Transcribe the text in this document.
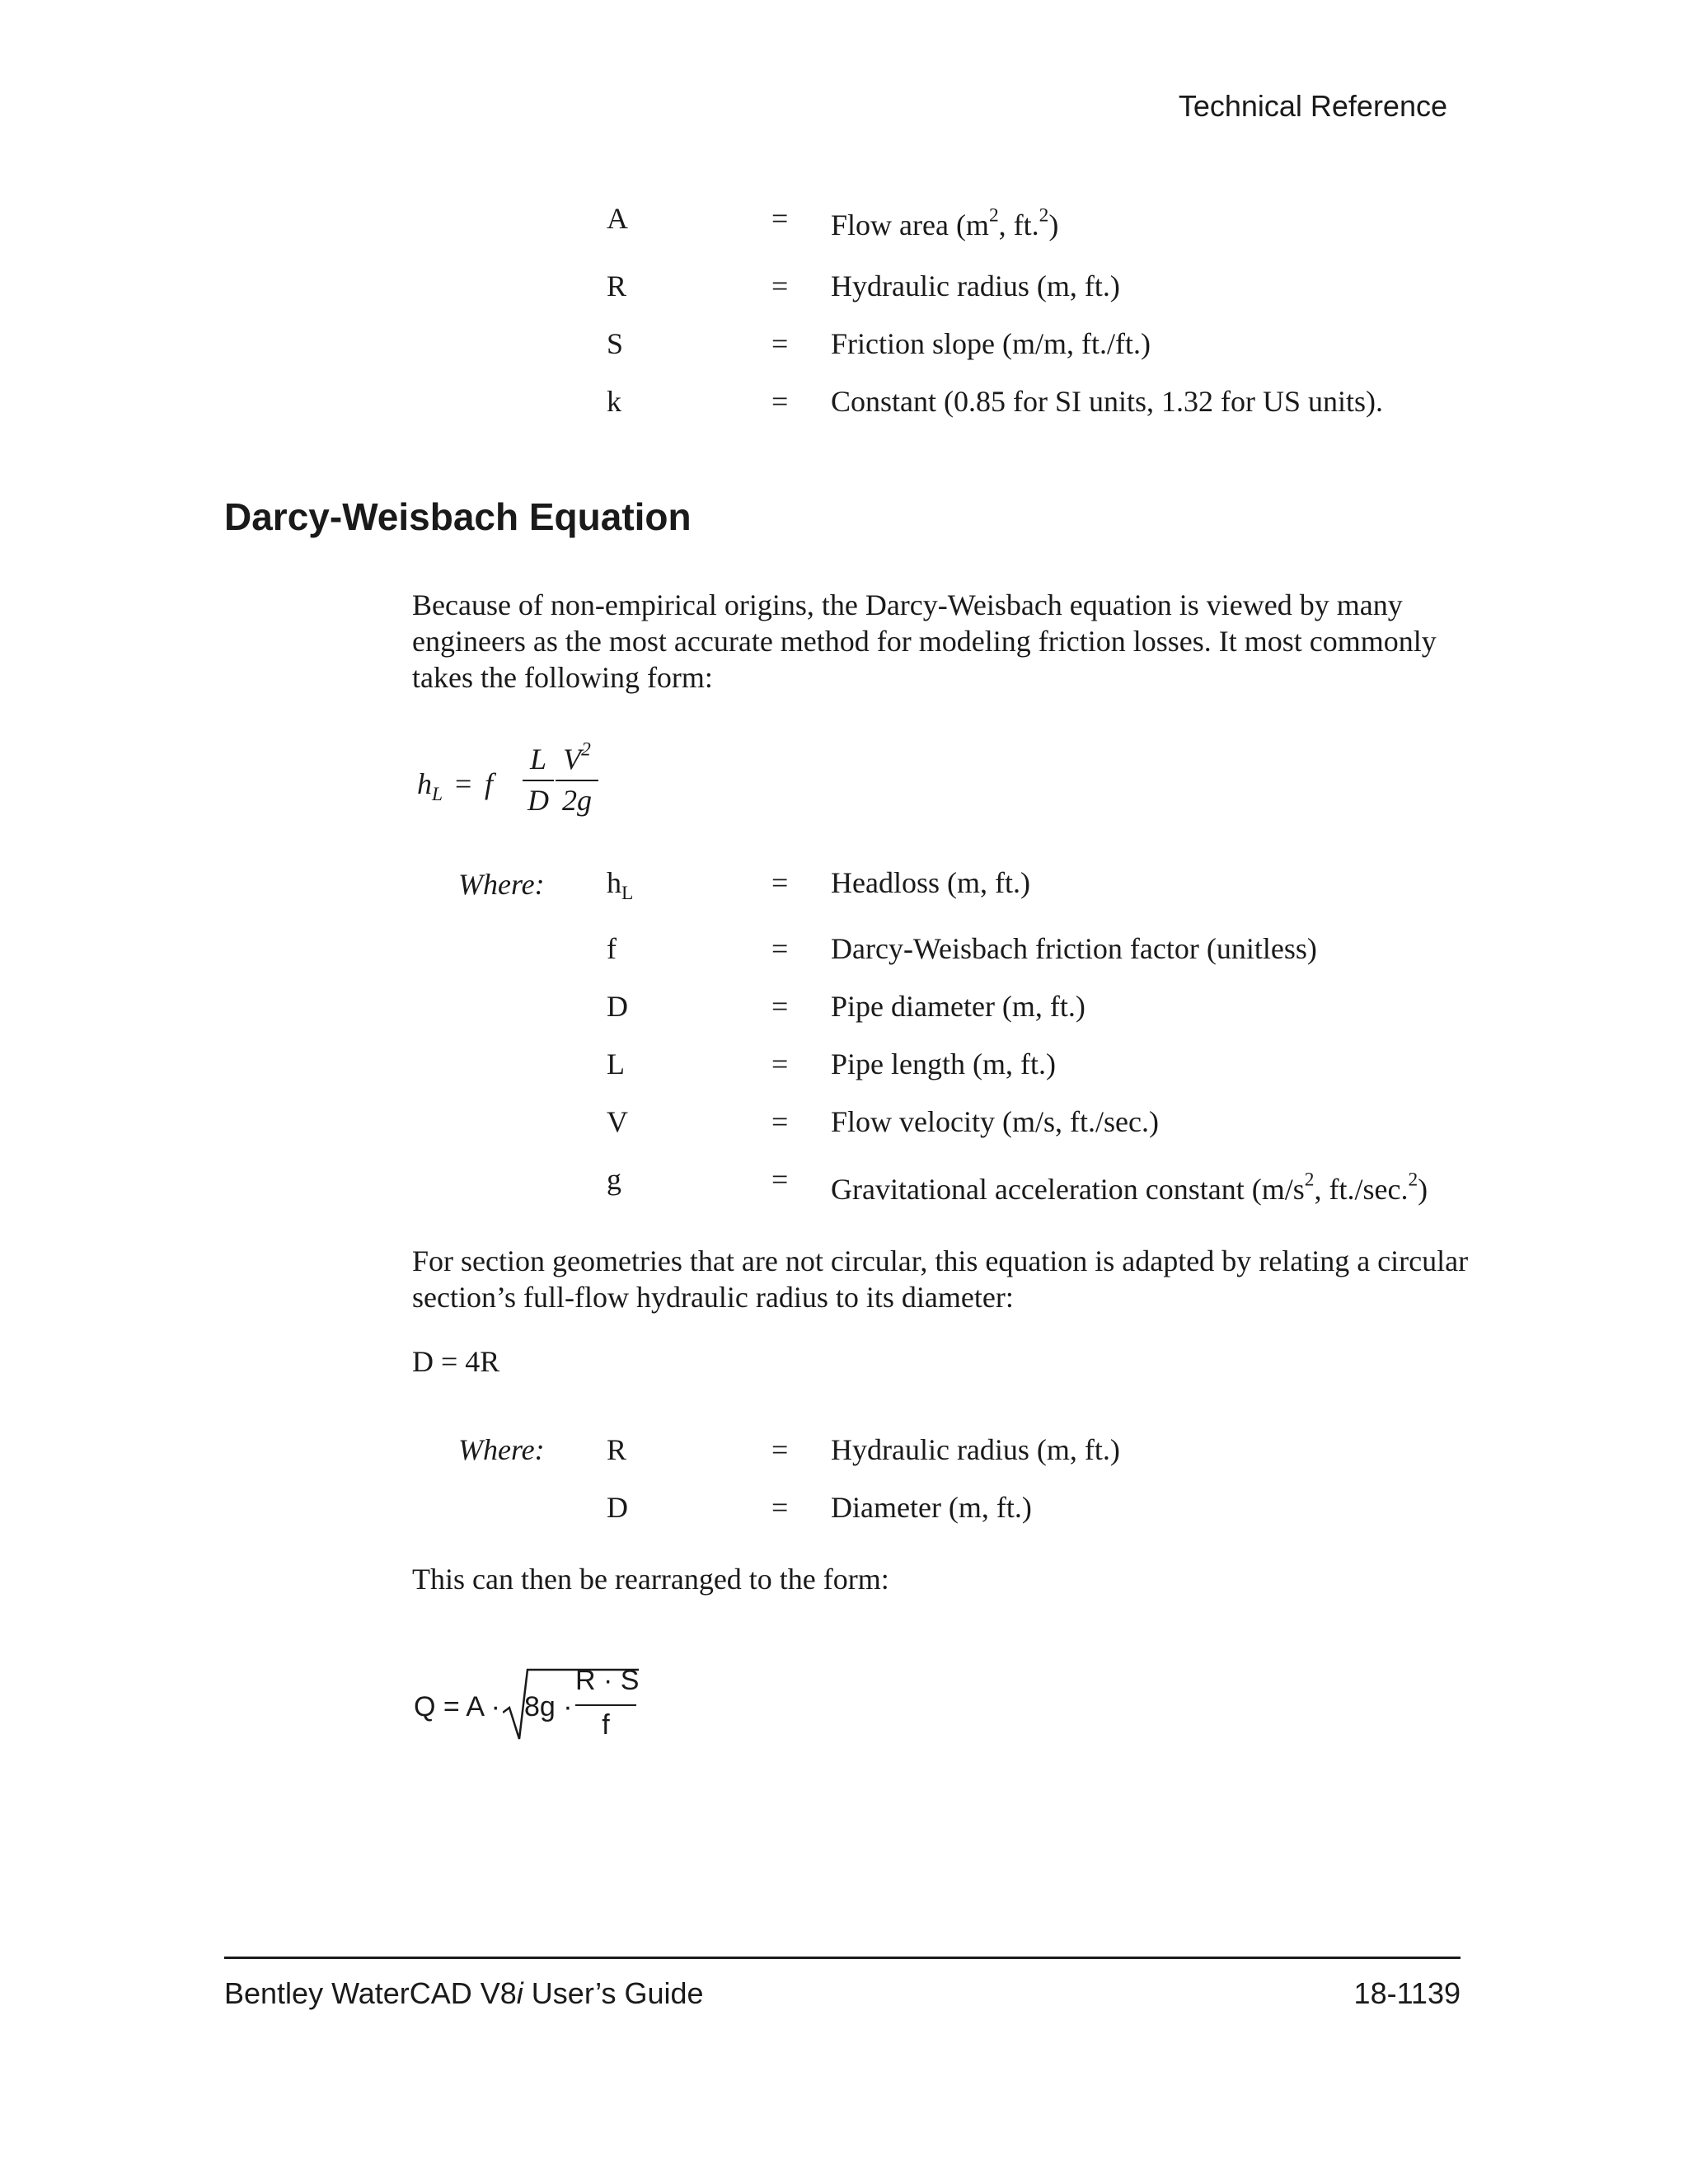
Technical Reference
A	= Flow area ($m^2$, ft.$^2$)
R	= Hydraulic radius (m, ft.)
S	= Friction slope (m/m, ft./ft.)
k	= Constant (0.85 for SI units, 1.32 for US units).
Darcy-Weisbach Equation
Because of non-empirical origins, the Darcy-Weisbach equation is viewed by many engineers as the most accurate method for modeling friction losses. It most commonly takes the following form:
$h_L = f$
L
D
$V^2$
2g
Where: $h_L$	= Headloss (m, ft.)
f	= Darcy-Weisbach friction factor (unitless)
D	= Pipe diameter (m, ft.)
L	= Pipe length (m, ft.)
V	= Flow velocity (m/s, ft./sec.)
g	= Gravitational acceleration constant ($m/s^2$, ft./sec.$^2$)
For section geometries that are not circular, this equation is adapted by relating a circular section’s full-flow hydraulic radius to its diameter:
D = 4R
Where: R	= Hydraulic radius (m, ft.)
D	= Diameter (m, ft.)
This can then be rearranged to the form:
Q = A · 8g ·
R · S
f
Bentley WaterCAD V8i User’s Guide	18-1139
